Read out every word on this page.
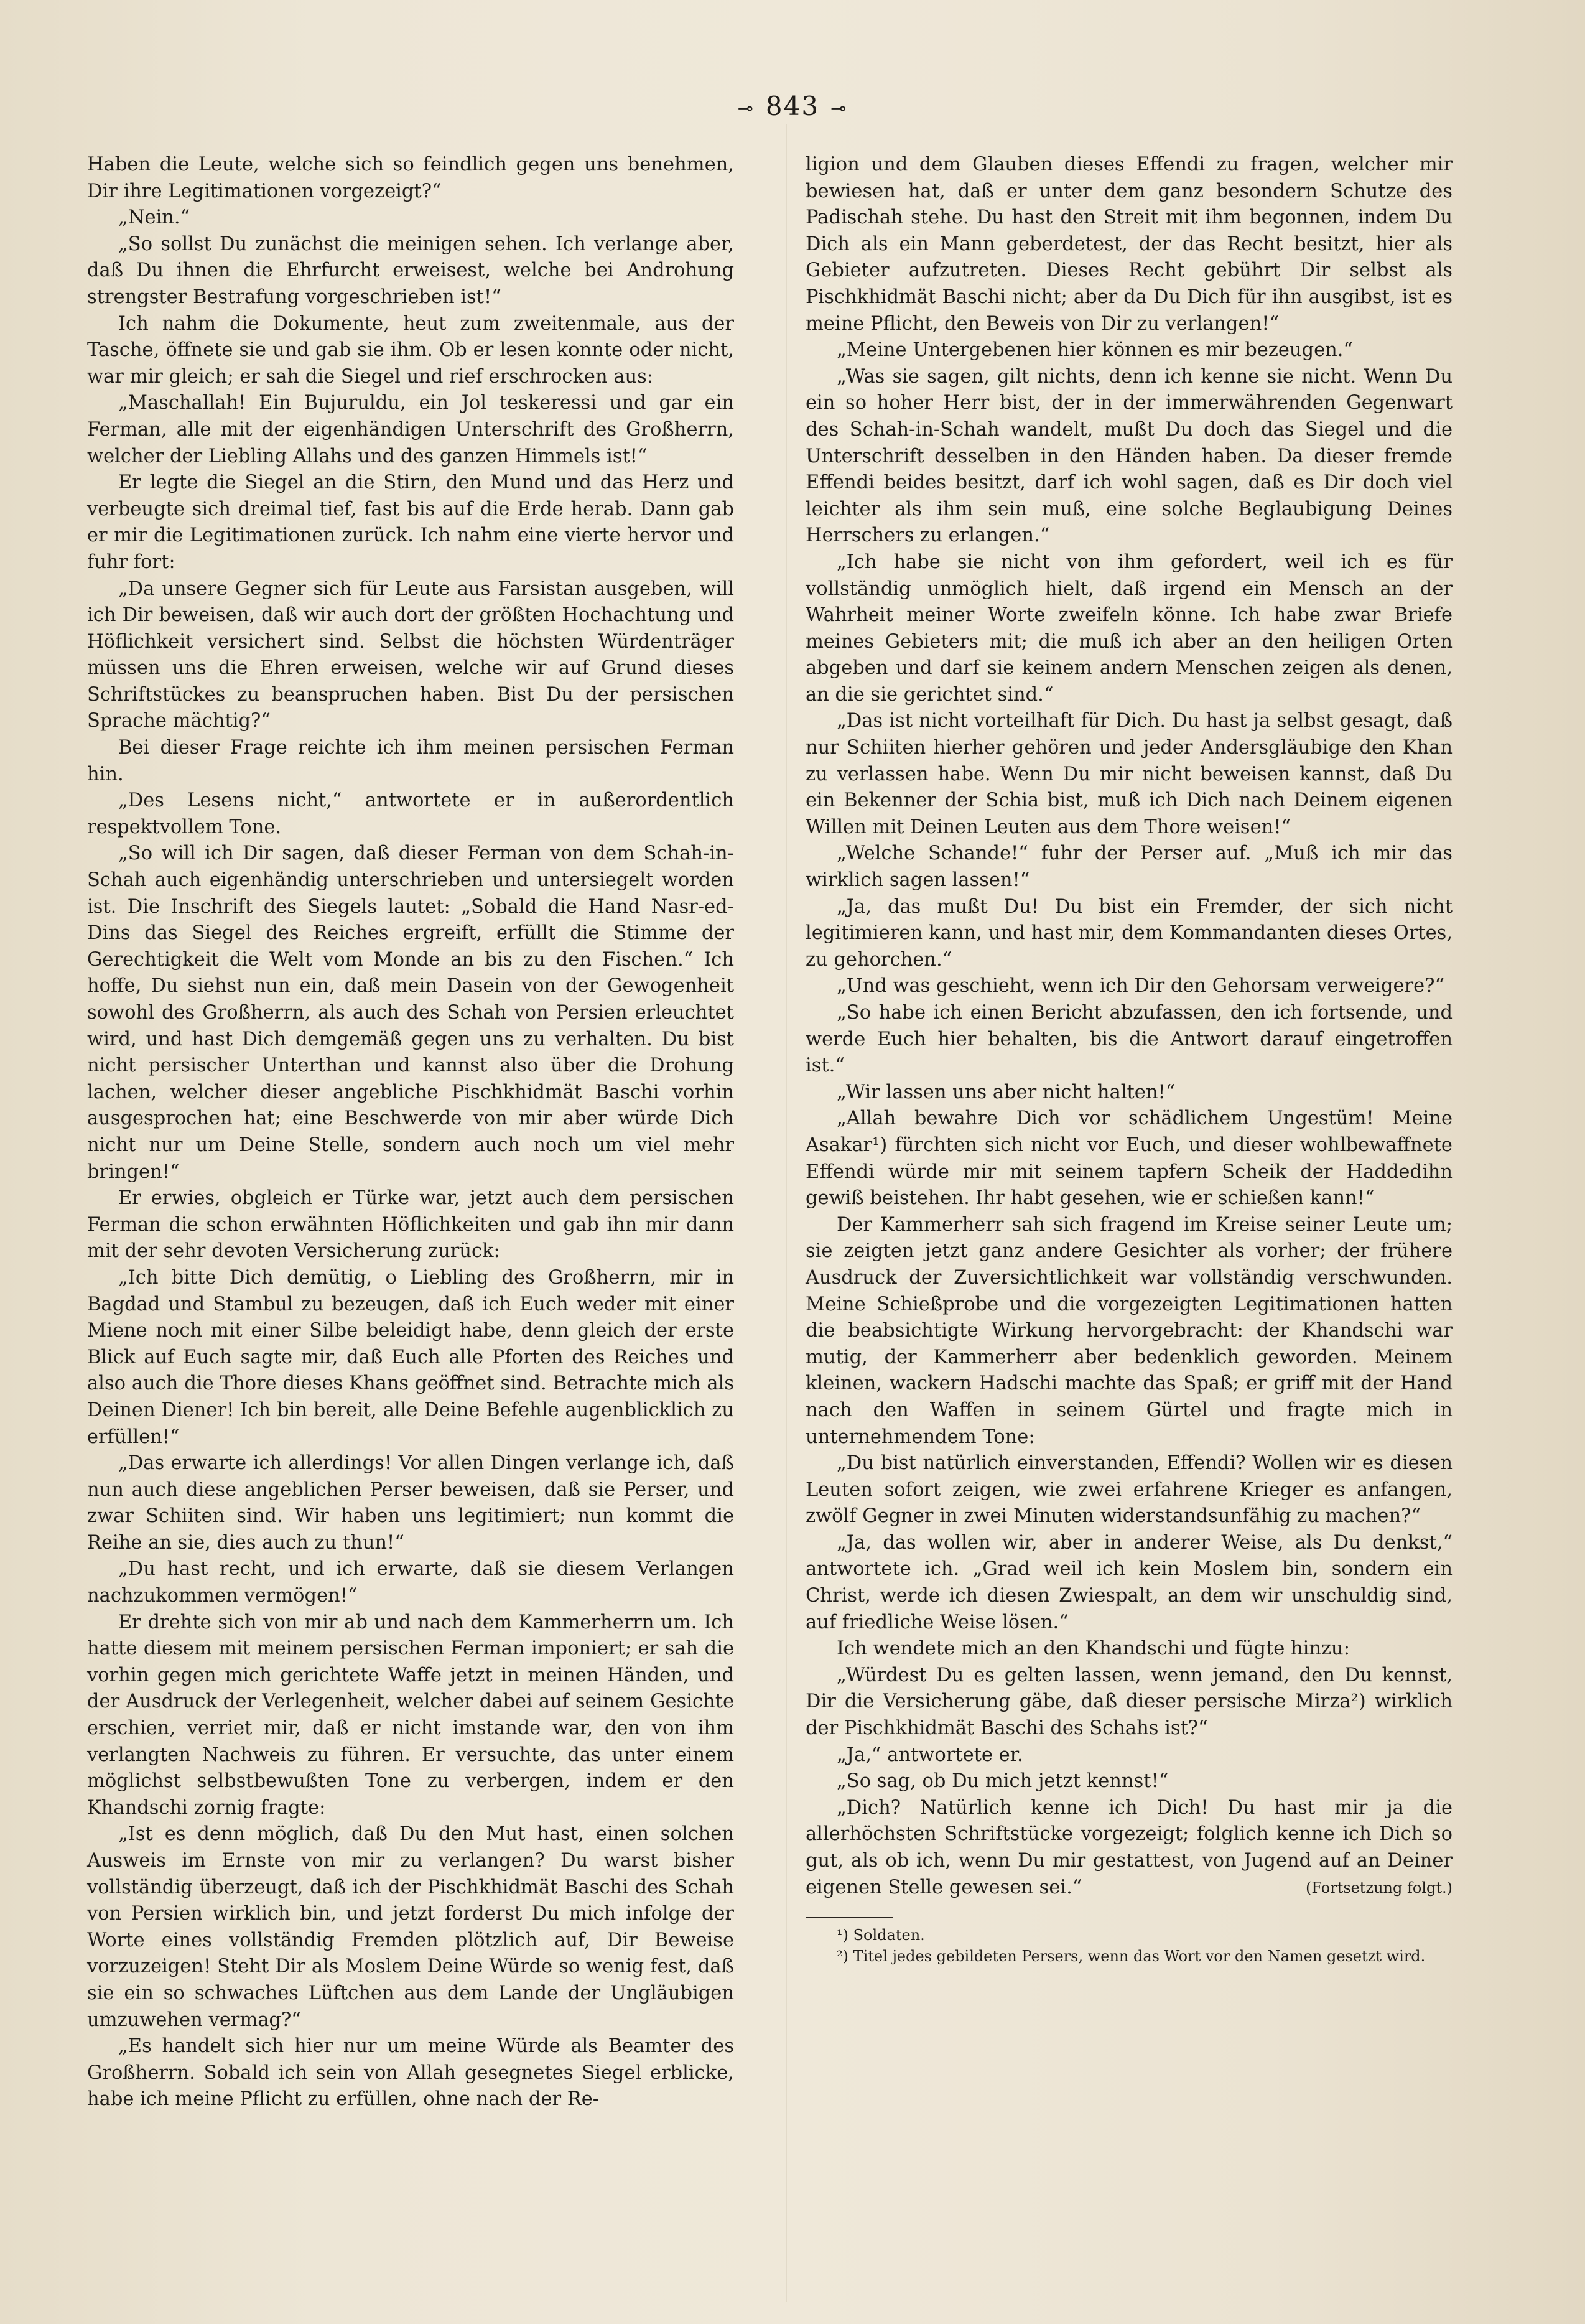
⊸ 843 ⊸

Haben die Leute, welche sich so feindlich gegen uns benehmen, Dir ihre Legitimationen vorgezeigt?“

„Nein.“

„So sollst Du zunächst die meinigen sehen. Ich verlange aber, daß Du ihnen die Ehrfurcht erweisest, welche bei Androhung strengster Bestrafung vorgeschrieben ist!“

Ich nahm die Dokumente, heut zum zweitenmale, aus der Tasche, öffnete sie und gab sie ihm. Ob er lesen konnte oder nicht, war mir gleich; er sah die Siegel und rief erschrocken aus:

„Maschallah! Ein Bujuruldu, ein Jol teskeressi und gar ein Ferman, alle mit der eigenhändigen Unterschrift des Großherrn, welcher der Liebling Allahs und des ganzen Himmels ist!“

Er legte die Siegel an die Stirn, den Mund und das Herz und verbeugte sich dreimal tief, fast bis auf die Erde herab. Dann gab er mir die Legitimationen zurück. Ich nahm eine vierte hervor und fuhr fort:

„Da unsere Gegner sich für Leute aus Farsistan ausgeben, will ich Dir beweisen, daß wir auch dort der größten Hochachtung und Höflichkeit versichert sind. Selbst die höchsten Würdenträger müssen uns die Ehren erweisen, welche wir auf Grund dieses Schriftstückes zu beanspruchen haben. Bist Du der persischen Sprache mächtig?“

Bei dieser Frage reichte ich ihm meinen persischen Ferman hin.

„Des Lesens nicht,“ antwortete er in außerordentlich respektvollem Tone.

„So will ich Dir sagen, daß dieser Ferman von dem Schah-in-Schah auch eigenhändig unterschrieben und untersiegelt worden ist. Die Inschrift des Siegels lautet: „Sobald die Hand Nasr-ed-Dins das Siegel des Reiches ergreift, erfüllt die Stimme der Gerechtigkeit die Welt vom Monde an bis zu den Fischen.“ Ich hoffe, Du siehst nun ein, daß mein Dasein von der Gewogenheit sowohl des Großherrn, als auch des Schah von Persien erleuchtet wird, und hast Dich demgemäß gegen uns zu verhalten. Du bist nicht persischer Unterthan und kannst also über die Drohung lachen, welcher dieser angebliche Pischkhidmät Baschi vorhin ausgesprochen hat; eine Beschwerde von mir aber würde Dich nicht nur um Deine Stelle, sondern auch noch um viel mehr bringen!“

Er erwies, obgleich er Türke war, jetzt auch dem persischen Ferman die schon erwähnten Höflichkeiten und gab ihn mir dann mit der sehr devoten Versicherung zurück:

„Ich bitte Dich demütig, o Liebling des Großherrn, mir in Bagdad und Stambul zu bezeugen, daß ich Euch weder mit einer Miene noch mit einer Silbe beleidigt habe, denn gleich der erste Blick auf Euch sagte mir, daß Euch alle Pforten des Reiches und also auch die Thore dieses Khans geöffnet sind. Betrachte mich als Deinen Diener! Ich bin bereit, alle Deine Befehle augenblicklich zu erfüllen!“

„Das erwarte ich allerdings! Vor allen Dingen verlange ich, daß nun auch diese angeblichen Perser beweisen, daß sie Perser, und zwar Schiiten sind. Wir haben uns legitimiert; nun kommt die Reihe an sie, dies auch zu thun!“

„Du hast recht, und ich erwarte, daß sie diesem Verlangen nachzukommen vermögen!“

Er drehte sich von mir ab und nach dem Kammerherrn um. Ich hatte diesem mit meinem persischen Ferman imponiert; er sah die vorhin gegen mich gerichtete Waffe jetzt in meinen Händen, und der Ausdruck der Verlegenheit, welcher dabei auf seinem Gesichte erschien, verriet mir, daß er nicht imstande war, den von ihm verlangten Nachweis zu führen. Er versuchte, das unter einem möglichst selbstbewußten Tone zu verbergen, indem er den Khandschi zornig fragte:

„Ist es denn möglich, daß Du den Mut hast, einen solchen Ausweis im Ernste von mir zu verlangen? Du warst bisher vollständig überzeugt, daß ich der Pischkhidmät Baschi des Schah von Persien wirklich bin, und jetzt forderst Du mich infolge der Worte eines vollständig Fremden plötzlich auf, Dir Beweise vorzuzeigen! Steht Dir als Moslem Deine Würde so wenig fest, daß sie ein so schwaches Lüftchen aus dem Lande der Ungläubigen umzuwehen vermag?“

„Es handelt sich hier nur um meine Würde als Beamter des Großherrn. Sobald ich sein von Allah gesegnetes Siegel erblicke, habe ich meine Pflicht zu erfüllen, ohne nach der Re-

ligion und dem Glauben dieses Effendi zu fragen, welcher mir bewiesen hat, daß er unter dem ganz besondern Schutze des Padischah stehe. Du hast den Streit mit ihm begonnen, indem Du Dich als ein Mann geberdetest, der das Recht besitzt, hier als Gebieter aufzutreten. Dieses Recht gebührt Dir selbst als Pischkhidmät Baschi nicht; aber da Du Dich für ihn ausgibst, ist es meine Pflicht, den Beweis von Dir zu verlangen!“

„Meine Untergebenen hier können es mir bezeugen.“

„Was sie sagen, gilt nichts, denn ich kenne sie nicht. Wenn Du ein so hoher Herr bist, der in der immerwährenden Gegenwart des Schah-in-Schah wandelt, mußt Du doch das Siegel und die Unterschrift desselben in den Händen haben. Da dieser fremde Effendi beides besitzt, darf ich wohl sagen, daß es Dir doch viel leichter als ihm sein muß, eine solche Beglaubigung Deines Herrschers zu erlangen.“

„Ich habe sie nicht von ihm gefordert, weil ich es für vollständig unmöglich hielt, daß irgend ein Mensch an der Wahrheit meiner Worte zweifeln könne. Ich habe zwar Briefe meines Gebieters mit; die muß ich aber an den heiligen Orten abgeben und darf sie keinem andern Menschen zeigen als denen, an die sie gerichtet sind.“

„Das ist nicht vorteilhaft für Dich. Du hast ja selbst gesagt, daß nur Schiiten hierher gehören und jeder Andersgläubige den Khan zu verlassen habe. Wenn Du mir nicht beweisen kannst, daß Du ein Bekenner der Schia bist, muß ich Dich nach Deinem eigenen Willen mit Deinen Leuten aus dem Thore weisen!“

„Welche Schande!“ fuhr der Perser auf. „Muß ich mir das wirklich sagen lassen!“

„Ja, das mußt Du! Du bist ein Fremder, der sich nicht legitimieren kann, und hast mir, dem Kommandanten dieses Ortes, zu gehorchen.“

„Und was geschieht, wenn ich Dir den Gehorsam verweigere?“

„So habe ich einen Bericht abzufassen, den ich fortsende, und werde Euch hier behalten, bis die Antwort darauf eingetroffen ist.“

„Wir lassen uns aber nicht halten!“

„Allah bewahre Dich vor schädlichem Ungestüm! Meine Asakar¹) fürchten sich nicht vor Euch, und dieser wohlbewaffnete Effendi würde mir mit seinem tapfern Scheik der Haddedihn gewiß beistehen. Ihr habt gesehen, wie er schießen kann!“

Der Kammerherr sah sich fragend im Kreise seiner Leute um; sie zeigten jetzt ganz andere Gesichter als vorher; der frühere Ausdruck der Zuversichtlichkeit war vollständig verschwunden. Meine Schießprobe und die vorgezeigten Legitimationen hatten die beabsichtigte Wirkung hervorgebracht: der Khandschi war mutig, der Kammerherr aber bedenklich geworden. Meinem kleinen, wackern Hadschi machte das Spaß; er griff mit der Hand nach den Waffen in seinem Gürtel und fragte mich in unternehmendem Tone:

„Du bist natürlich einverstanden, Effendi? Wollen wir es diesen Leuten sofort zeigen, wie zwei erfahrene Krieger es anfangen, zwölf Gegner in zwei Minuten widerstandsunfähig zu machen?“

„Ja, das wollen wir, aber in anderer Weise, als Du denkst,“ antwortete ich. „Grad weil ich kein Moslem bin, sondern ein Christ, werde ich diesen Zwiespalt, an dem wir unschuldig sind, auf friedliche Weise lösen.“

Ich wendete mich an den Khandschi und fügte hinzu:

„Würdest Du es gelten lassen, wenn jemand, den Du kennst, Dir die Versicherung gäbe, daß dieser persische Mirza²) wirklich der Pischkhidmät Baschi des Schahs ist?“

„Ja,“ antwortete er.

„So sag, ob Du mich jetzt kennst!“

„Dich? Natürlich kenne ich Dich! Du hast mir ja die allerhöchsten Schriftstücke vorgezeigt; folglich kenne ich Dich so gut, als ob ich, wenn Du mir gestattest, von Jugend auf an Deiner eigenen Stelle gewesen sei.“	(Fortsetzung folgt.)

¹) Soldaten.

²) Titel jedes gebildeten Persers, wenn das Wort vor den Namen gesetzt wird.
